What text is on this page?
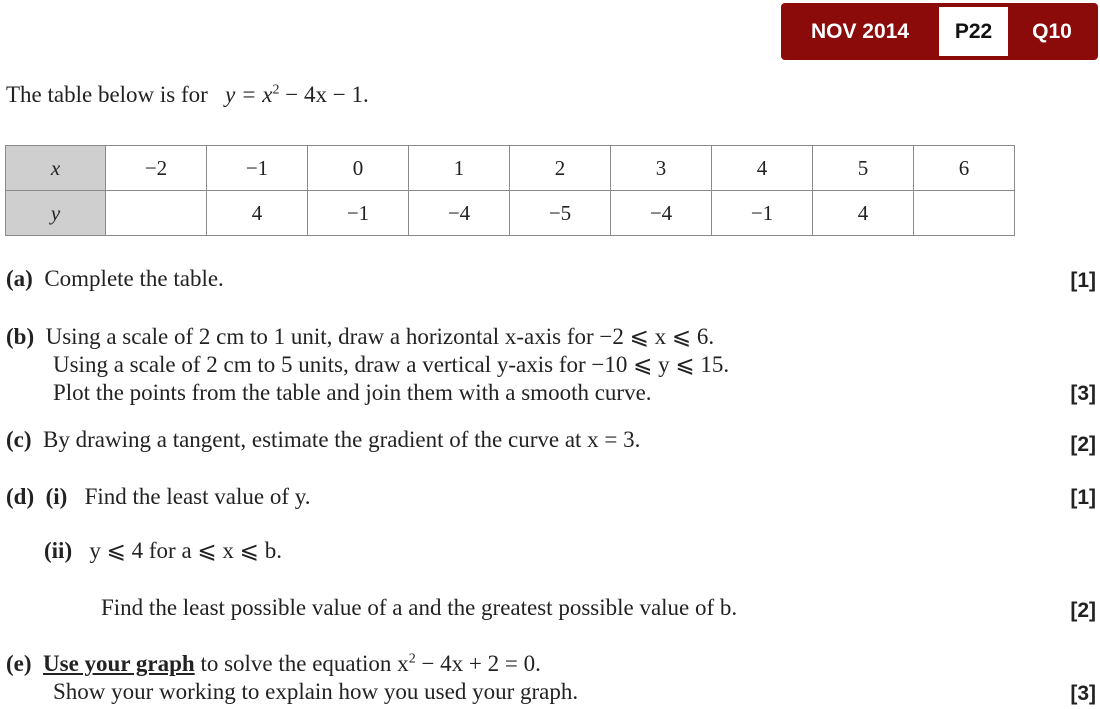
NOV 2014	P22	Q10
The table below is for $y = x^2 - 4x - 1$.
x	−2	−1	0	1	2	3	4	5	6
y		4	−1	−4	−5	−4	−1	4	
(a) Complete the table.	[1]
(b) Using a scale of 2 cm to 1 unit, draw a horizontal x-axis for −2 ⩽ x ⩽ 6.
Using a scale of 2 cm to 5 units, draw a vertical y-axis for −10 ⩽ y ⩽ 15.
Plot the points from the table and join them with a smooth curve.	[3]
(c) By drawing a tangent, estimate the gradient of the curve at x = 3.	[2]
(d) (i) Find the least value of y.	[1]
(ii) y ⩽ 4 for a ⩽ x ⩽ b.
Find the least possible value of a and the greatest possible value of b.	[2]
(e) Use your graph to solve the equation $x^2 - 4x + 2 = 0$.
Show your working to explain how you used your graph.	[3]
